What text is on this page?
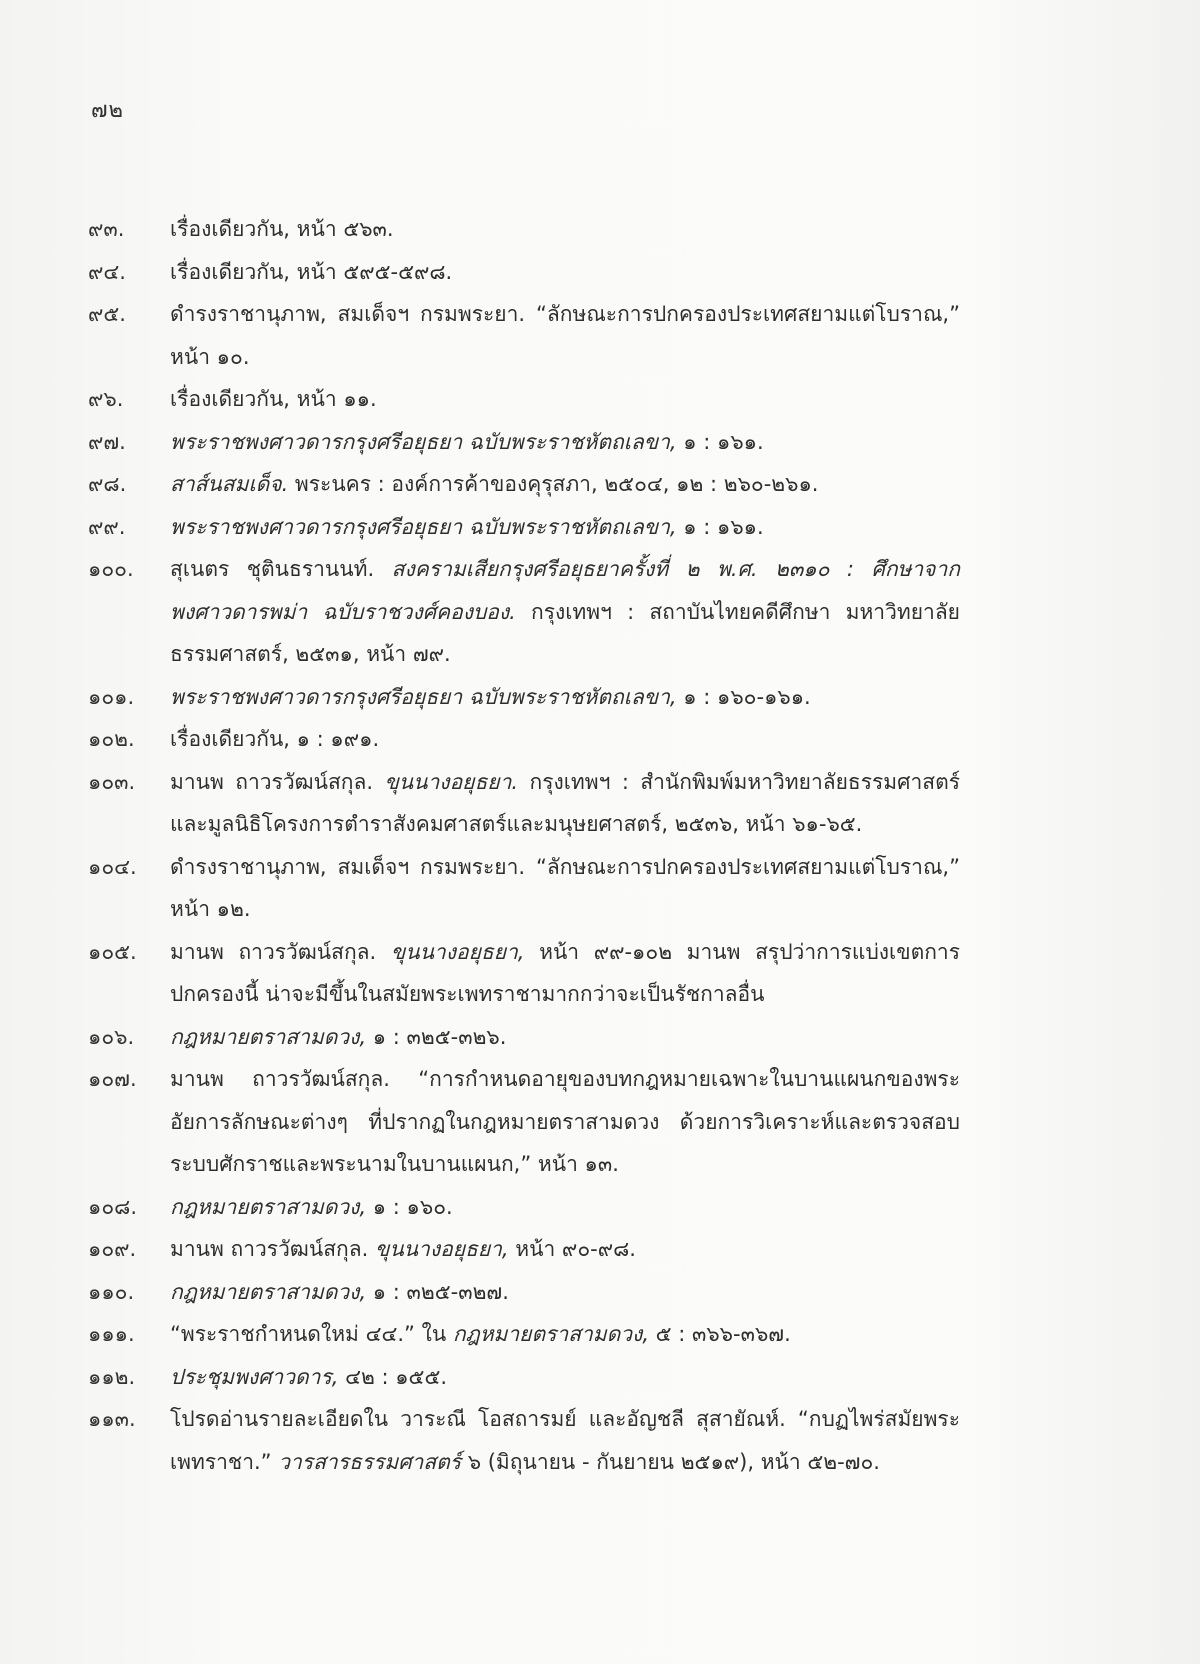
๗๒
๙๓.	เรื่องเดียวกัน, หน้า ๕๖๓.
๙๔.	เรื่องเดียวกัน, หน้า ๕๙๕-๕๙๘.
๙๕.	ดำรงราชานุภาพ, สมเด็จฯ กรมพระยา. “ลักษณะการปกครองประเทศสยามแต่โบราณ,” หน้า ๑๐.
๙๖.	เรื่องเดียวกัน, หน้า ๑๑.
๙๗.	พระราชพงศาวดารกรุงศรีอยุธยา ฉบับพระราชหัตถเลขา, ๑ : ๑๖๑.
๙๘.	สาส์นสมเด็จ. พระนคร : องค์การค้าของคุรุสภา, ๒๕๐๔, ๑๒ : ๒๖๐-๒๖๑.
๙๙.	พระราชพงศาวดารกรุงศรีอยุธยา ฉบับพระราชหัตถเลขา, ๑ : ๑๖๑.
๑๐๐.	สุเนตร ชุตินธรานนท์. สงครามเสียกรุงศรีอยุธยาครั้งที่ ๒ พ.ศ. ๒๓๑๐ : ศึกษาจากพงศาวดารพม่า ฉบับราชวงศ์คองบอง. กรุงเทพฯ : สถาบันไทยคดีศึกษา มหาวิทยาลัยธรรมศาสตร์, ๒๕๓๑, หน้า ๗๙.
๑๐๑.	พระราชพงศาวดารกรุงศรีอยุธยา ฉบับพระราชหัตถเลขา, ๑ : ๑๖๐-๑๖๑.
๑๐๒.	เรื่องเดียวกัน, ๑ : ๑๙๑.
๑๐๓.	มานพ ถาวรวัฒน์สกุล. ขุนนางอยุธยา. กรุงเทพฯ : สำนักพิมพ์มหาวิทยาลัยธรรมศาสตร์ และมูลนิธิโครงการตำราสังคมศาสตร์และมนุษยศาสตร์, ๒๕๓๖, หน้า ๖๑-๖๕.
๑๐๔.	ดำรงราชานุภาพ, สมเด็จฯ กรมพระยา. “ลักษณะการปกครองประเทศสยามแต่โบราณ,” หน้า ๑๒.
๑๐๕.	มานพ ถาวรวัฒน์สกุล. ขุนนางอยุธยา, หน้า ๙๙-๑๐๒ มานพ สรุปว่าการแบ่งเขตการปกครองนี้ น่าจะมีขึ้นในสมัยพระเพทราชามากกว่าจะเป็นรัชกาลอื่น
๑๐๖.	กฎหมายตราสามดวง, ๑ : ๓๒๕-๓๒๖.
๑๐๗.	มานพ ถาวรวัฒน์สกุล. “การกำหนดอายุของบทกฎหมายเฉพาะในบานแผนกของพระอัยการลักษณะต่างๆ ที่ปรากฏในกฎหมายตราสามดวง ด้วยการวิเคราะห์และตรวจสอบระบบศักราชและพระนามในบานแผนก,” หน้า ๑๓.
๑๐๘.	กฎหมายตราสามดวง, ๑ : ๑๖๐.
๑๐๙.	มานพ ถาวรวัฒน์สกุล. ขุนนางอยุธยา, หน้า ๙๐-๙๘.
๑๑๐.	กฎหมายตราสามดวง, ๑ : ๓๒๕-๓๒๗.
๑๑๑.	“พระราชกำหนดใหม่ ๔๔.” ใน กฎหมายตราสามดวง, ๕ : ๓๖๖-๓๖๗.
๑๑๒.	ประชุมพงศาวดาร, ๔๒ : ๑๕๕.
๑๑๓.	โปรดอ่านรายละเอียดใน วาระณี โอสถารมย์ และอัญชลี สุสายัณห์. “กบฏไพร่สมัยพระเพทราชา.” วารสารธรรมศาสตร์ ๖ (มิถุนายน - กันยายน ๒๕๑๙), หน้า ๕๒-๗๐.
